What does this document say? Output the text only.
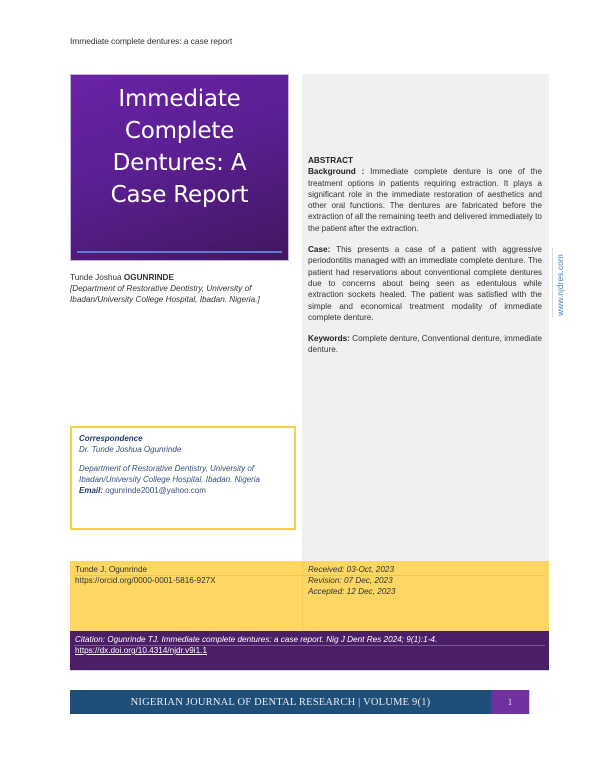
Immediate complete dentures: a case report
Immediate
Complete
Dentures: A
Case Report
Tunde Joshua OGUNRINDE
[Department of Restorative Dentistry, University of Ibadan/University College Hospital, Ibadan. Nigeria.]
ABSTRACT

Background : Immediate complete denture is one of the treatment options in patients requiring extraction. It plays a significant role in the immediate restoration of aesthetics and other oral functions. The dentures are fabricated before the extraction of all the remaining teeth and delivered immediately to the patient after the extraction.

Case: This presents a case of a patient with aggressive periodontitis managed with an immediate complete denture. The patient had reservations about conventional complete dentures due to concerns about being seen as edentulous while extraction sockets healed. The patient was satisfied with the simple and economical treatment modality of immediate complete denture.

Keywords: Complete denture, Conventional denture, immediate denture.

www.njdres.com
Correspondence
Dr. Tunde Joshua Ogunrinde
Department of Restorative Dentistry, University of Ibadan/University College Hospital, Ibadan. Nigeria
Email: ogunrinde2001@yahoo.com
Tunde J. Ogunrinde
https://orcid.org/0000-0001-5816-927X
Received: 03-Oct, 2023
Revision: 07 Dec, 2023
Accepted: 12 Dec, 2023
Citation: Ogunrinde TJ. Immediate complete dentures: a case report. Nig J Dent Res 2024; 9(1):1-4.
https://dx.doi.org/10.4314/njdr.v9i1.1
NIGERIAN JOURNAL OF DENTAL RESEARCH | VOLUME 9(1)	1
